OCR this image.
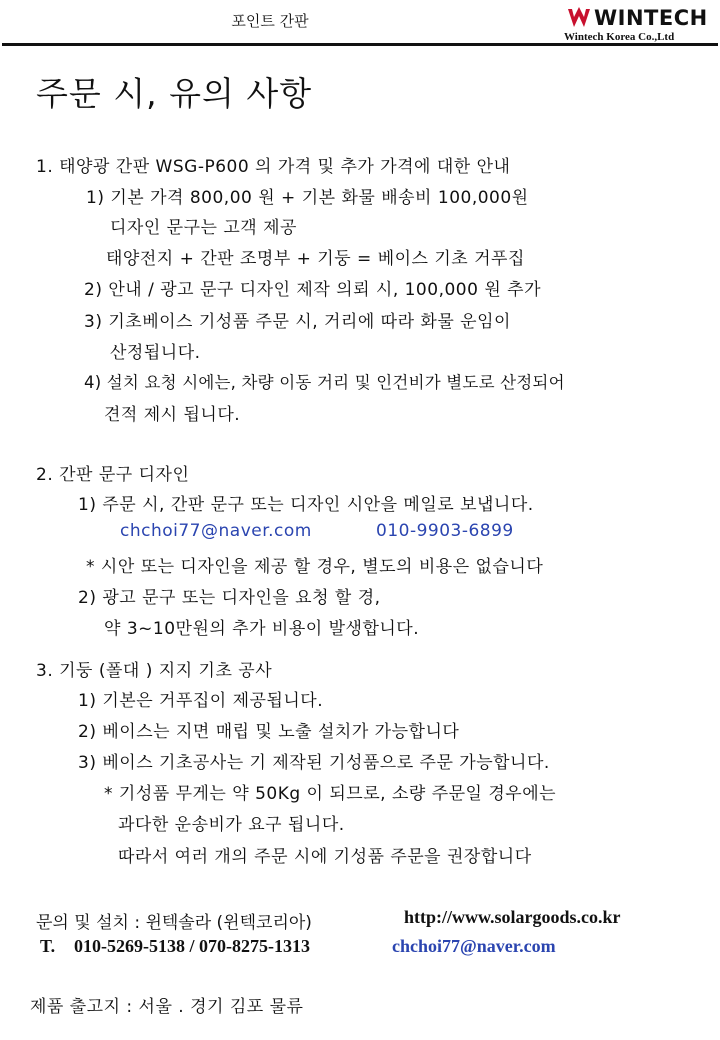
포인트 간판	WINTECH
Wintech Korea Co.,Ltd
주문 시, 유의 사항
1. 태양광 간판 WSG-P600 의 가격 및 추가 가격에 대한 안내
1) 기본 가격 800,00 원 + 기본 화물 배송비 100,000원
디자인 문구는 고객 제공
태양전지 + 간판 조명부 + 기둥 = 베이스 기초 거푸집
2) 안내 / 광고 문구 디자인 제작 의뢰 시, 100,000 원 추가
3) 기초베이스 기성품 주문 시, 거리에 따라 화물 운임이
산정됩니다.
4) 설치 요청 시에는, 차량 이동 거리 및 인건비가 별도로 산정되어
견적 제시 됩니다.
2. 간판 문구 디자인
1) 주문 시, 간판 문구 또는 디자인 시안을 메일로 보냅니다.
chchoi77@naver.com	010-9903-6899
* 시안 또는 디자인을 제공 할 경우, 별도의 비용은 없습니다
2) 광고 문구 또는 디자인을 요청 할 경,
약 3~10만원의 추가 비용이 발생합니다.
3. 기둥 (폴대 ) 지지 기초 공사
1) 기본은 거푸집이 제공됩니다.
2) 베이스는 지면 매립 및 노출 설치가 가능합니다
3) 베이스 기초공사는 기 제작된 기성품으로 주문 가능합니다.
* 기성품 무게는 약 50Kg 이 되므로, 소량 주문일 경우에는
과다한 운송비가 요구 됩니다.
따라서 여러 개의 주문 시에 기성품 주문을 권장합니다
문의 및 설치 : 윈텍솔라 (윈텍코리아)	http://www.solargoods.co.kr
T. 010-5269-5138 / 070-8275-1313	chchoi77@naver.com
제품 출고지 : 서울 . 경기 김포 물류
